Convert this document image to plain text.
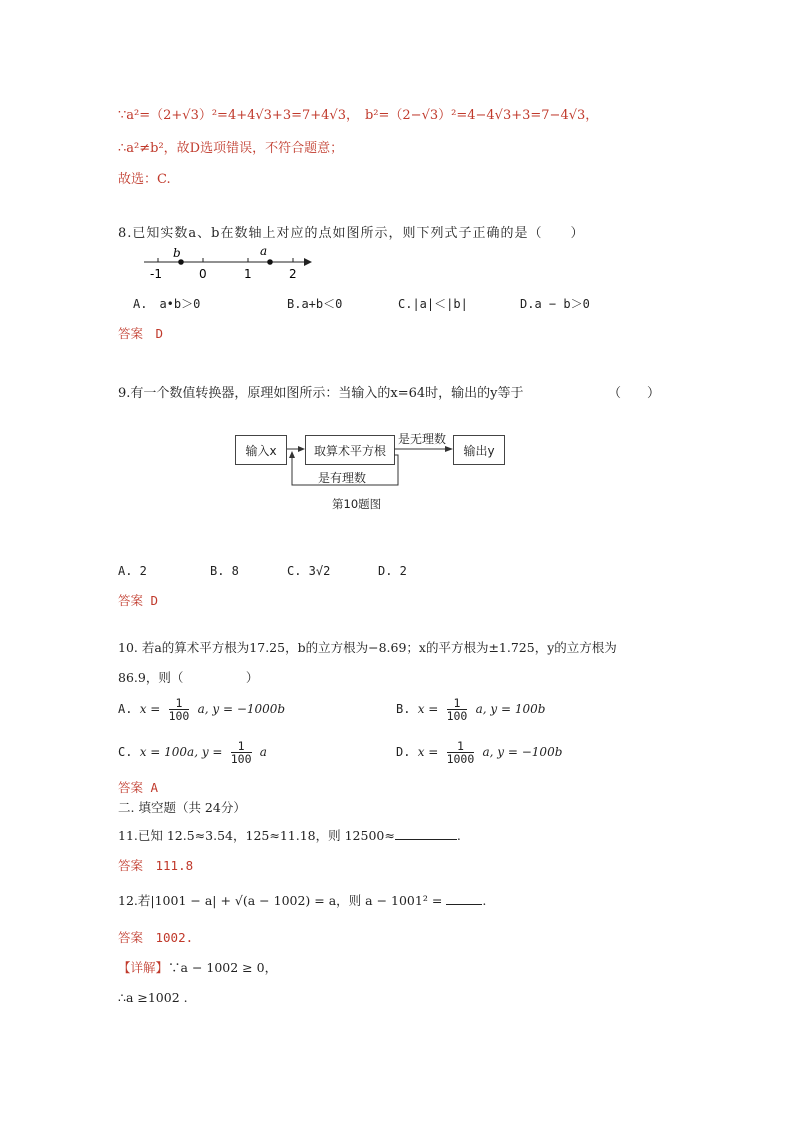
∵a²=（2+√3）²=4+4√3+3=7+4√3， b²=（2−√3）²=4−4√3+3=7−4√3，
∴a²≠b²，故D选项错误，不符合题意；
故选：C.
8.已知实数a、b在数轴上对应的点如图所示，则下列式子正确的是（　　）
b	a
-1	0	1	2
A.　a•b＞0	B.a+b＜0	C.|a|＜|b|	D.a − b＞0
答案　D
9.有一个数值转换器，原理如图所示：当输入的x=64时，输出的y等于	（　　）
输入x	取算术平方根	输出y
是无理数
是有理数
第10题图
A. 2	B. 8	C. 3√2	D. 2
答案 D
10. 若a的算术平方根为17.25，b的立方根为−8.69；x的平方根为±1.725，y的立方根为
86.9，则（　　　　　）
A. $x = \frac{1}{100} a$, y = −1000b	B. $x = \frac{1}{100} a$, y = 100b
C. x = 100a, $y = \frac{1}{100}$ a	D. $x = \frac{1}{1000} a$, y = −100b
答案 A
二. 填空题（共 24分）
11.已知 12.5≈3.54，125≈11.18，则 12500≈	.
答案　111.8
12.若|1001 − a| + √(a − 1002) = a，则 a − 1001² =	.
答案　1002.
【详解】∵a − 1002 ≥ 0，
∴a ≥1002 .
